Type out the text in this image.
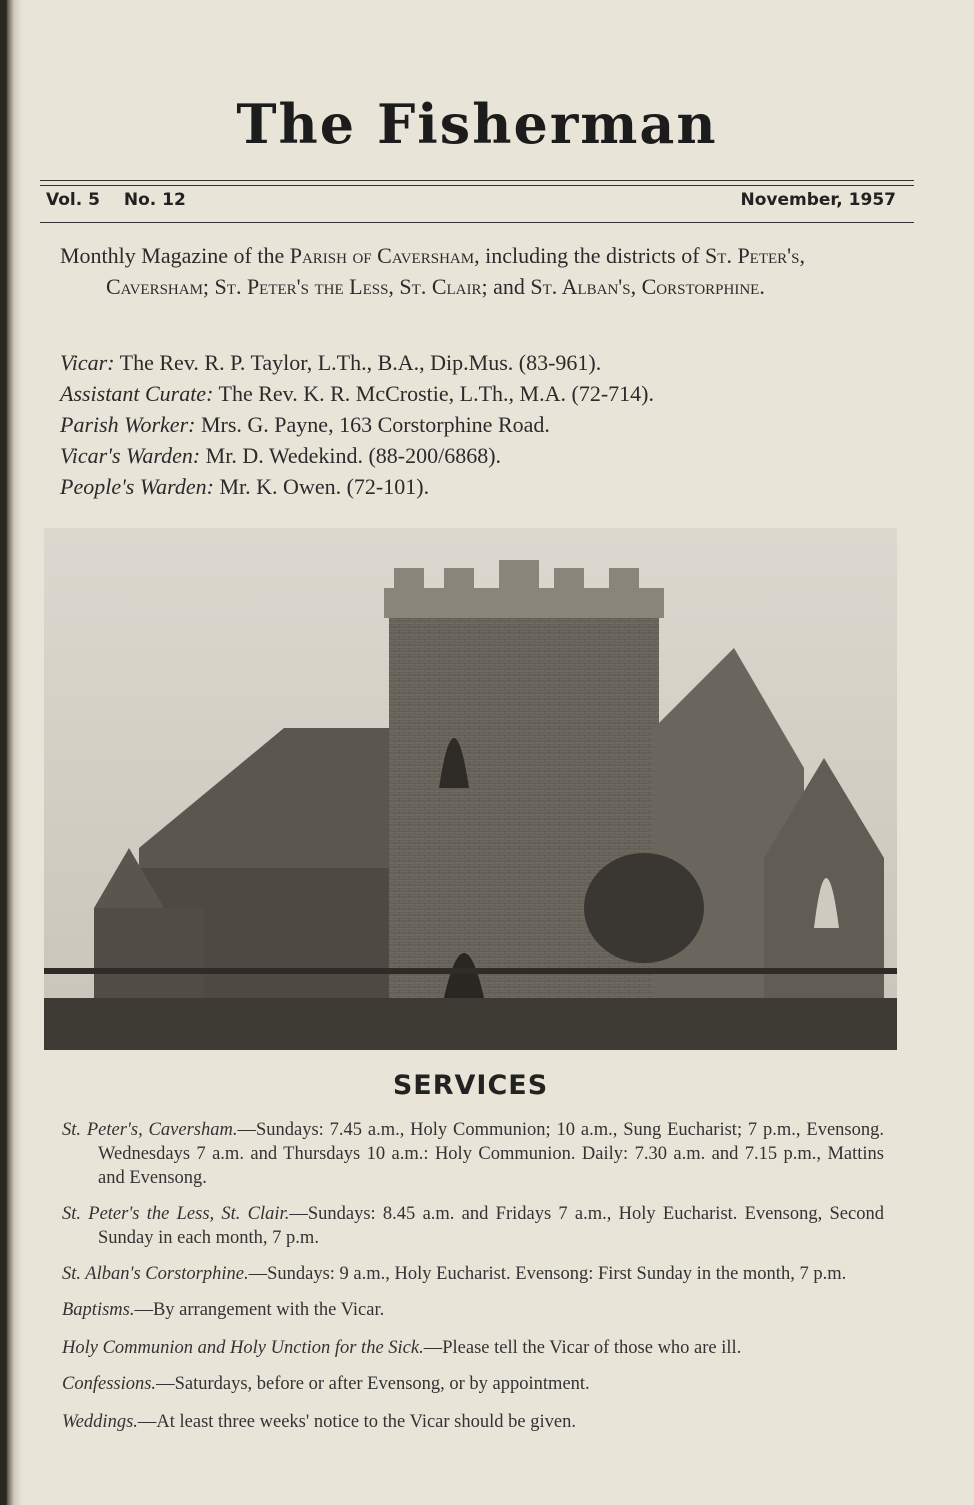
The Fisherman
Vol. 5 No. 12	November, 1957
Monthly Magazine of the Parish of Caversham, including the districts of St. Peter's, Caversham; St. Peter's the Less, St. Clair; and St. Alban's, Corstorphine.
Vicar: The Rev. R. P. Taylor, L.Th., B.A., Dip.Mus. (83-961).
Assistant Curate: The Rev. K. R. McCrostie, L.Th., M.A. (72-714).
Parish Worker: Mrs. G. Payne, 163 Corstorphine Road.
Vicar's Warden: Mr. D. Wedekind. (88-200/6868).
People's Warden: Mr. K. Owen. (72-101).
SERVICES
St. Peter's, Caversham.—Sundays: 7.45 a.m., Holy Communion; 10 a.m., Sung Eucharist; 7 p.m., Evensong. Wednesdays 7 a.m. and Thursdays 10 a.m.: Holy Communion. Daily: 7.30 a.m. and 7.15 p.m., Mattins and Evensong.
St. Peter's the Less, St. Clair.—Sundays: 8.45 a.m. and Fridays 7 a.m., Holy Eucharist. Evensong, Second Sunday in each month, 7 p.m.
St. Alban's Corstorphine.—Sundays: 9 a.m., Holy Eucharist. Evensong: First Sunday in the month, 7 p.m.
Baptisms.—By arrangement with the Vicar.
Holy Communion and Holy Unction for the Sick.—Please tell the Vicar of those who are ill.
Confessions.—Saturdays, before or after Evensong, or by appointment.
Weddings.—At least three weeks' notice to the Vicar should be given.
